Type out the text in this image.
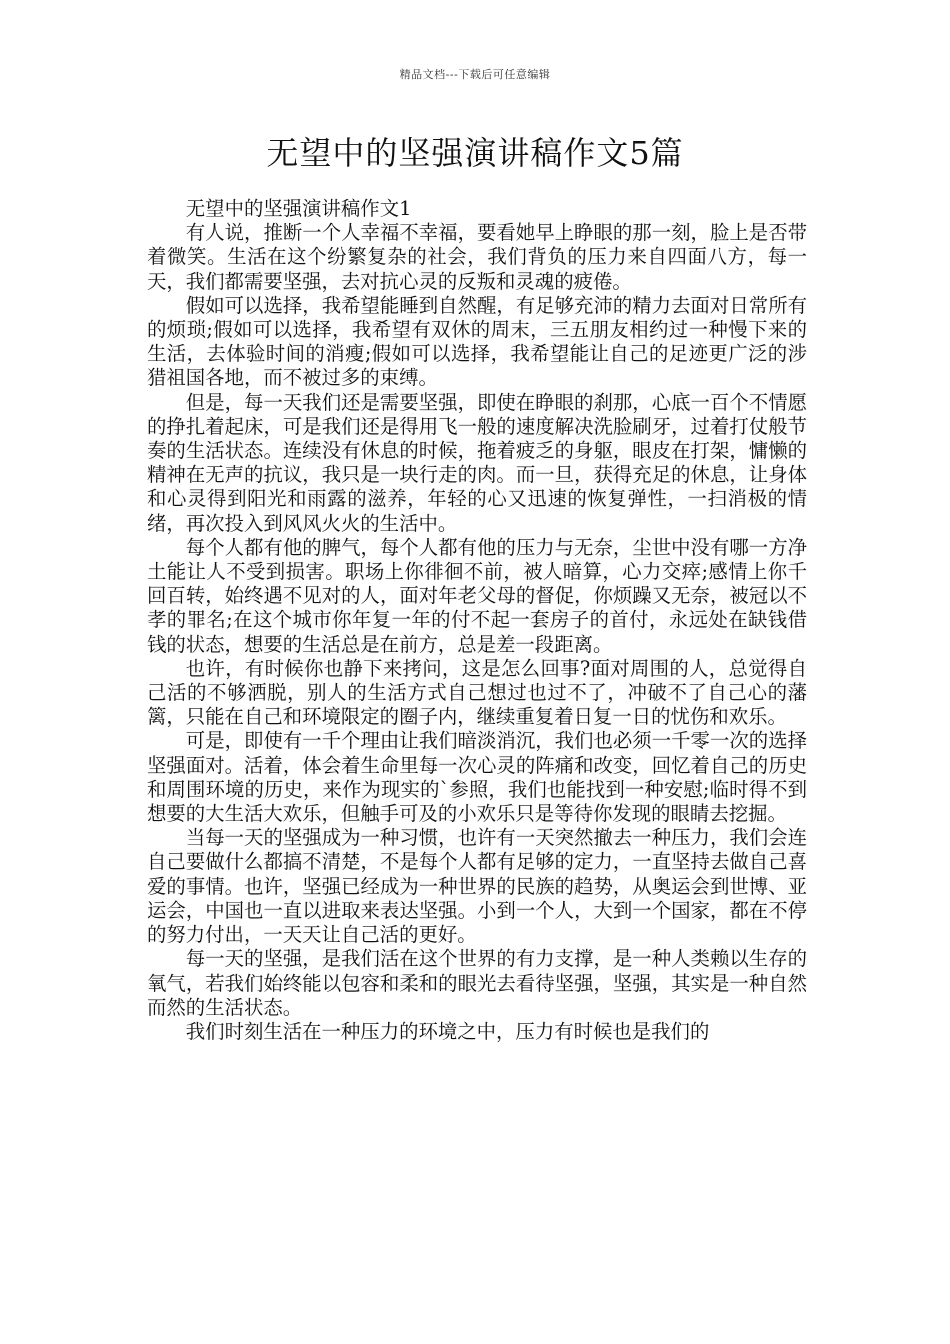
精品文档---下载后可任意编辑
无望中的坚强演讲稿作文5篇

无望中的坚强演讲稿作文1

有人说，推断一个人幸福不幸福，要看她早上睁眼的那一刻，脸上是否带着微笑。生活在这个纷繁复杂的社会，我们背负的压力来自四面八方，每一天，我们都需要坚强，去对抗心灵的反叛和灵魂的疲倦。

假如可以选择，我希望能睡到自然醒，有足够充沛的精力去面对日常所有的烦琐;假如可以选择，我希望有双休的周末，三五朋友相约过一种慢下来的生活，去体验时间的消瘦;假如可以选择，我希望能让自己的足迹更广泛的涉猎祖国各地，而不被过多的束缚。

但是，每一天我们还是需要坚强，即使在睁眼的刹那，心底一百个不情愿的挣扎着起床，可是我们还是得用飞一般的速度解决洗脸刷牙，过着打仗般节奏的生活状态。连续没有休息的时候，拖着疲乏的身躯，眼皮在打架，慵懒的精神在无声的抗议，我只是一块行走的肉。而一旦，获得充足的休息，让身体和心灵得到阳光和雨露的滋养，年轻的心又迅速的恢复弹性，一扫消极的情绪，再次投入到风风火火的生活中。

每个人都有他的脾气，每个人都有他的压力与无奈，尘世中没有哪一方净土能让人不受到损害。职场上你徘徊不前，被人暗算，心力交瘁;感情上你千回百转，始终遇不见对的人，面对年老父母的督促，你烦躁又无奈，被冠以不孝的罪名;在这个城市你年复一年的付不起一套房子的首付，永远处在缺钱借钱的状态，想要的生活总是在前方，总是差一段距离。

也许，有时候你也静下来拷问，这是怎么回事?面对周围的人，总觉得自己活的不够洒脱，别人的生活方式自己想过也过不了，冲破不了自己心的藩篱，只能在自己和环境限定的圈子内，继续重复着日复一日的忧伤和欢乐。

可是，即使有一千个理由让我们暗淡消沉，我们也必须一千零一次的选择坚强面对。活着，体会着生命里每一次心灵的阵痛和改变，回忆着自己的历史和周围环境的历史，来作为现实的`参照，我们也能找到一种安慰;临时得不到想要的大生活大欢乐，但触手可及的小欢乐只是等待你发现的眼睛去挖掘。

当每一天的坚强成为一种习惯，也许有一天突然撤去一种压力，我们会连自己要做什么都搞不清楚，不是每个人都有足够的定力，一直坚持去做自己喜爱的事情。也许，坚强已经成为一种世界的民族的趋势，从奥运会到世博、亚运会，中国也一直以进取来表达坚强。小到一个人，大到一个国家，都在不停的努力付出，一天天让自己活的更好。

每一天的坚强，是我们活在这个世界的有力支撑，是一种人类赖以生存的氧气，若我们始终能以包容和柔和的眼光去看待坚强，坚强，其实是一种自然而然的生活状态。

我们时刻生活在一种压力的环境之中，压力有时候也是我们的
